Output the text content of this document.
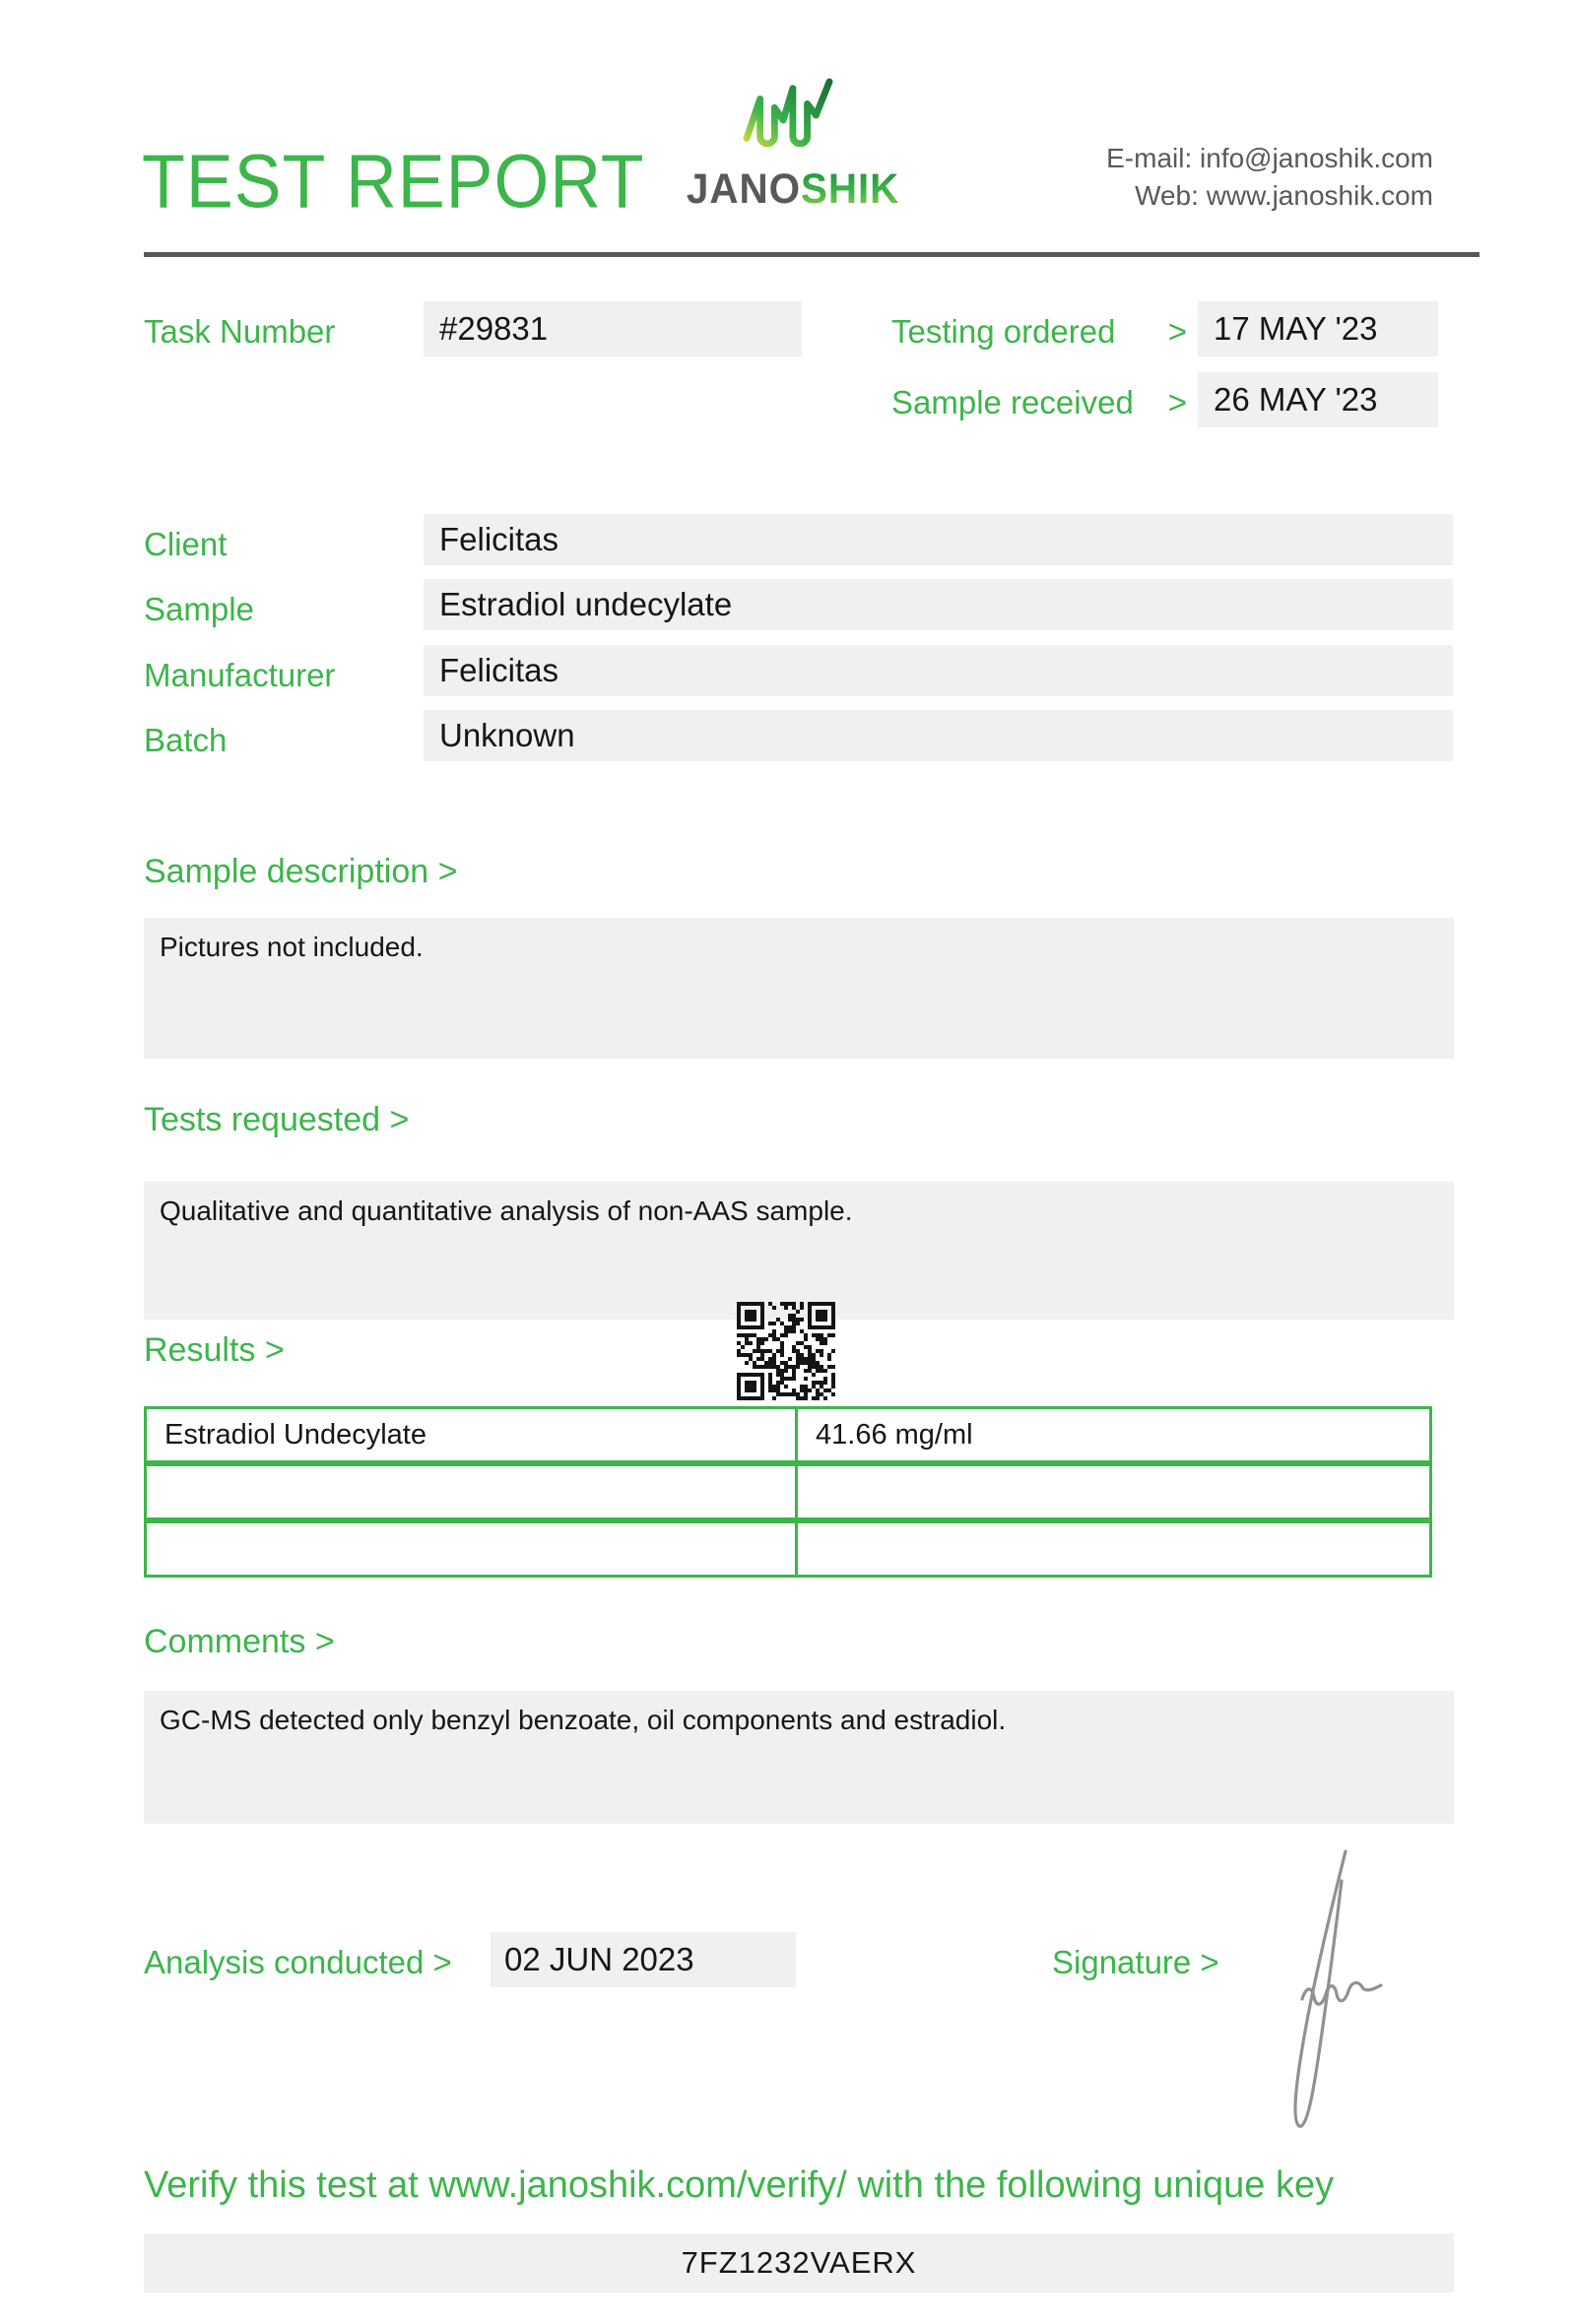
TEST REPORT JANOSHIK
E-mail: info@janoshik.com
Web: www.janoshik.com
Task Number	#29831	Testing ordered > 17 MAY '23
Sample received > 26 MAY '23
Client	Felicitas
Sample	Estradiol undecylate
Manufacturer	Felicitas
Batch	Unknown
Sample description >
Pictures not included.
Tests requested >
Qualitative and quantitative analysis of non-AAS sample.
Results >
Estradiol Undecylate	41.66 mg/ml
Comments >
GC-MS detected only benzyl benzoate, oil components and estradiol.
Analysis conducted >	02 JUN 2023	Signature >
Verify this test at www.janoshik.com/verify/ with the following unique key
7FZ1232VAERX
